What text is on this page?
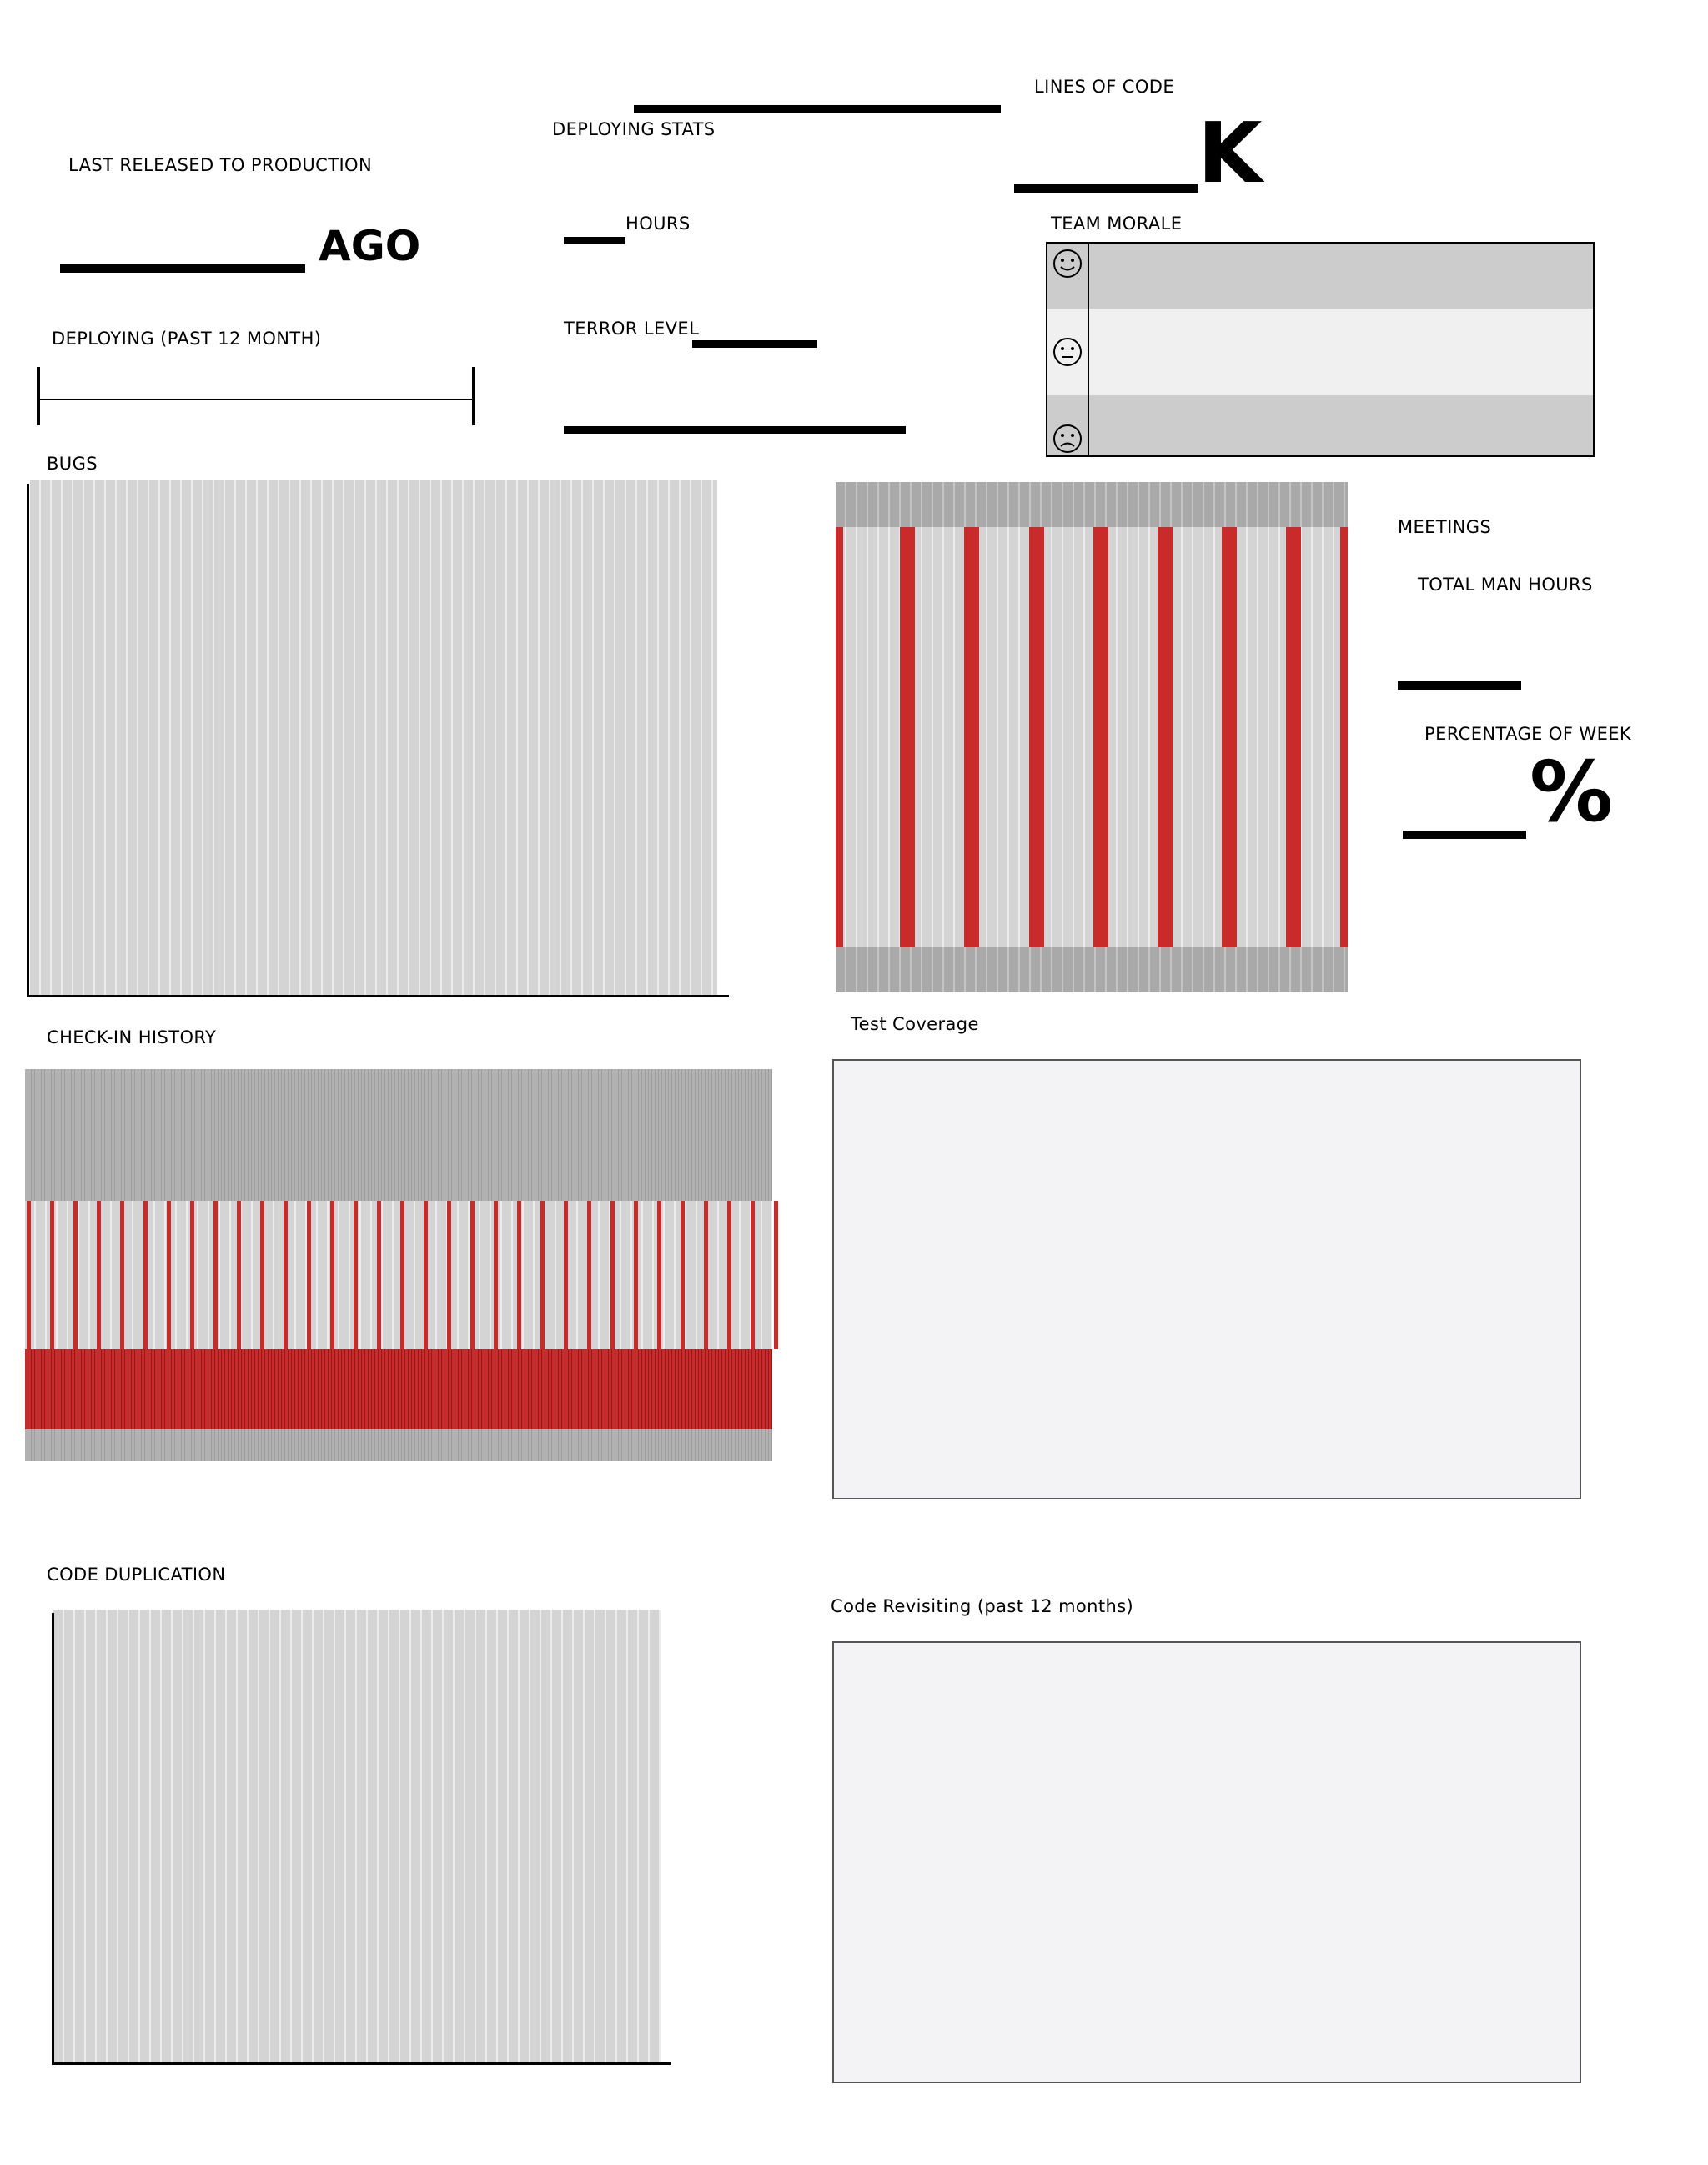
LAST RELEASED TO PRODUCTION
AGO
DEPLOYING (PAST 12 MONTH)
DEPLOYING STATS
HOURS
TERROR LEVEL
LINES OF CODE
K
TEAM MORALE
BUGS
MEETINGS
TOTAL MAN HOURS
PERCENTAGE OF WEEK
%
CHECK-IN HISTORY
Test Coverage
CODE DUPLICATION
Code Revisiting (past 12 months)
